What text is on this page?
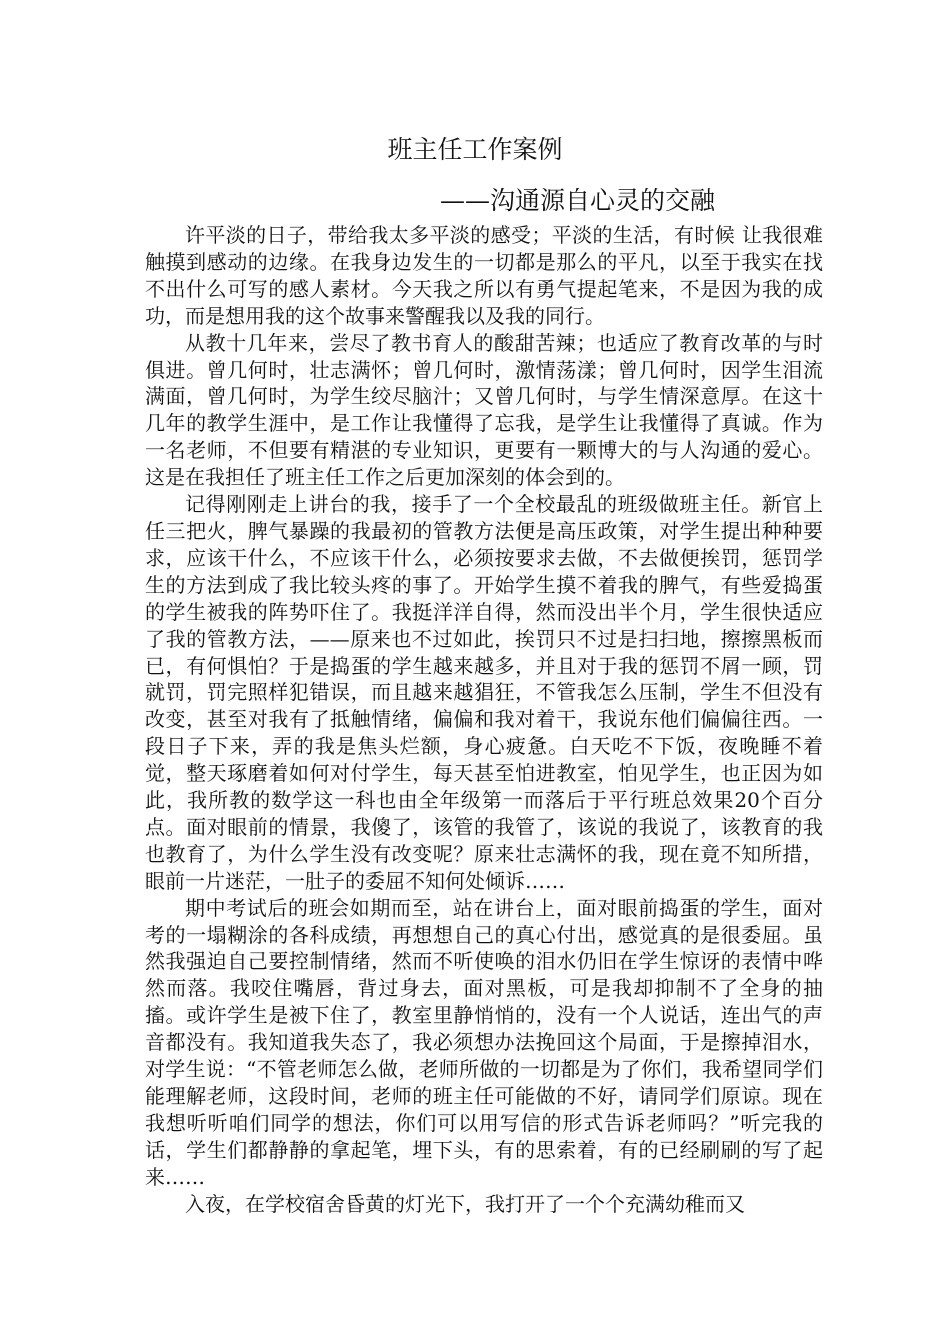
班主任工作案例
——沟通源自心灵的交融

许平淡的日子，带给我太多平淡的感受；平淡的生活，有时候 让我很难触摸到感动的边缘。在我身边发生的一切都是那么的平凡，以至于我实在找不出什么可写的感人素材。今天我之所以有勇气提起笔来，不是因为我的成功，而是想用我的这个故事来警醒我以及我的同行。

从教十几年来，尝尽了教书育人的酸甜苦辣；也适应了教育改革的与时俱进。曾几何时，壮志满怀；曾几何时，激情荡漾；曾几何时，因学生泪流满面，曾几何时，为学生绞尽脑汁；又曾几何时，与学生情深意厚。在这十几年的教学生涯中，是工作让我懂得了忘我，是学生让我懂得了真诚。作为一名老师，不但要有精湛的专业知识，更要有一颗博大的与人沟通的爱心。这是在我担任了班主任工作之后更加深刻的体会到的。

记得刚刚走上讲台的我，接手了一个全校最乱的班级做班主任。新官上任三把火，脾气暴躁的我最初的管教方法便是高压政策，对学生提出种种要求，应该干什么，不应该干什么，必须按要求去做，不去做便挨罚，惩罚学生的方法到成了我比较头疼的事了。开始学生摸不着我的脾气，有些爱捣蛋的学生被我的阵势吓住了。我挺洋洋自得，然而没出半个月，学生很快适应了我的管教方法，——原来也不过如此，挨罚只不过是扫扫地，擦擦黑板而已，有何惧怕？于是捣蛋的学生越来越多，并且对于我的惩罚不屑一顾，罚就罚，罚完照样犯错误，而且越来越猖狂，不管我怎么压制，学生不但没有改变，甚至对我有了抵触情绪，偏偏和我对着干，我说东他们偏偏往西。一段日子下来，弄的我是焦头烂额，身心疲惫。白天吃不下饭，夜晚睡不着觉，整天琢磨着如何对付学生，每天甚至怕进教室，怕见学生，也正因为如此，我所教的数学这一科也由全年级第一而落后于平行班总效果20个百分点。面对眼前的情景，我傻了，该管的我管了，该说的我说了，该教育的我也教育了，为什么学生没有改变呢？原来壮志满怀的我，现在竟不知所措，眼前一片迷茫，一肚子的委屈不知何处倾诉……

期中考试后的班会如期而至，站在讲台上，面对眼前捣蛋的学生，面对考的一塌糊涂的各科成绩，再想想自己的真心付出，感觉真的是很委屈。虽然我强迫自己要控制情绪，然而不听使唤的泪水仍旧在学生惊讶的表情中哗然而落。我咬住嘴唇，背过身去，面对黑板，可是我却抑制不了全身的抽搐。或许学生是被下住了，教室里静悄悄的，没有一个人说话，连出气的声音都没有。我知道我失态了，我必须想办法挽回这个局面，于是擦掉泪水，对学生说：“不管老师怎么做，老师所做的一切都是为了你们，我希望同学们能理解老师，这段时间，老师的班主任可能做的不好，请同学们原谅。现在我想听听咱们同学的想法，你们可以用写信的形式告诉老师吗？”听完我的话，学生们都静静的拿起笔，埋下头，有的思索着，有的已经刷刷的写了起来……

入夜，在学校宿舍昏黄的灯光下，我打开了一个个充满幼稚而又
